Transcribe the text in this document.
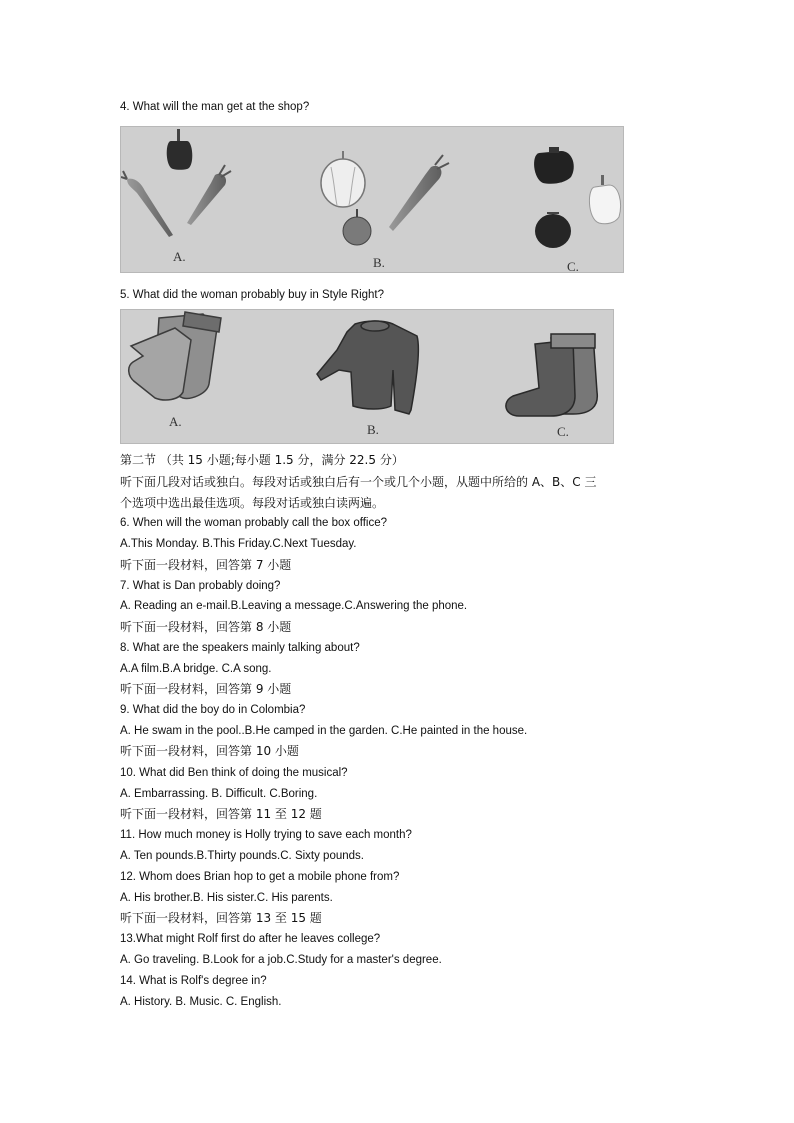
4. What will the man get at the shop?
A.	B.	C.
5. What did the woman probably buy in Style Right?
A.
B.	C.
第二节 （共 15 小题;每小题 1.5 分，满分 22.5 分）
听下面几段对话或独白。每段对话或独白后有一个或几个小题，从题中所给的 A、B、C 三
个选项中选出最佳选项。每段对话或独白读两遍。
6. When will the woman probably call the box office?
A.This Monday. B.This Friday.C.Next Tuesday.
听下面一段材料，回答第 7 小题
7. What is Dan probably doing?
A. Reading an e-mail.B.Leaving a message.C.Answering the phone.
听下面一段材料，回答第 8 小题
8. What are the speakers mainly talking about?
A.A film.B.A bridge. C.A song.
听下面一段材料，回答第 9 小题
9. What did the boy do in Colombia?
A. He swam in the pool..B.He camped in the garden. C.He painted in the house.
听下面一段材料，回答第 10 小题
10. What did Ben think of doing the musical?
A. Embarrassing. B. Difficult. C.Boring.
听下面一段材料，回答第 11 至 12 题
11. How much money is Holly trying to save each month?
A. Ten pounds.B.Thirty pounds.C. Sixty pounds.
12. Whom does Brian hop to get a mobile phone from?
A. His brother.B. His sister.C. His parents.
听下面一段材料，回答第 13 至 15 题
13.What might Rolf first do after he leaves college?
A. Go traveling. B.Look for a job.C.Study for a master's degree.
14. What is Rolf's degree in?
A. History. B. Music. C. English.
